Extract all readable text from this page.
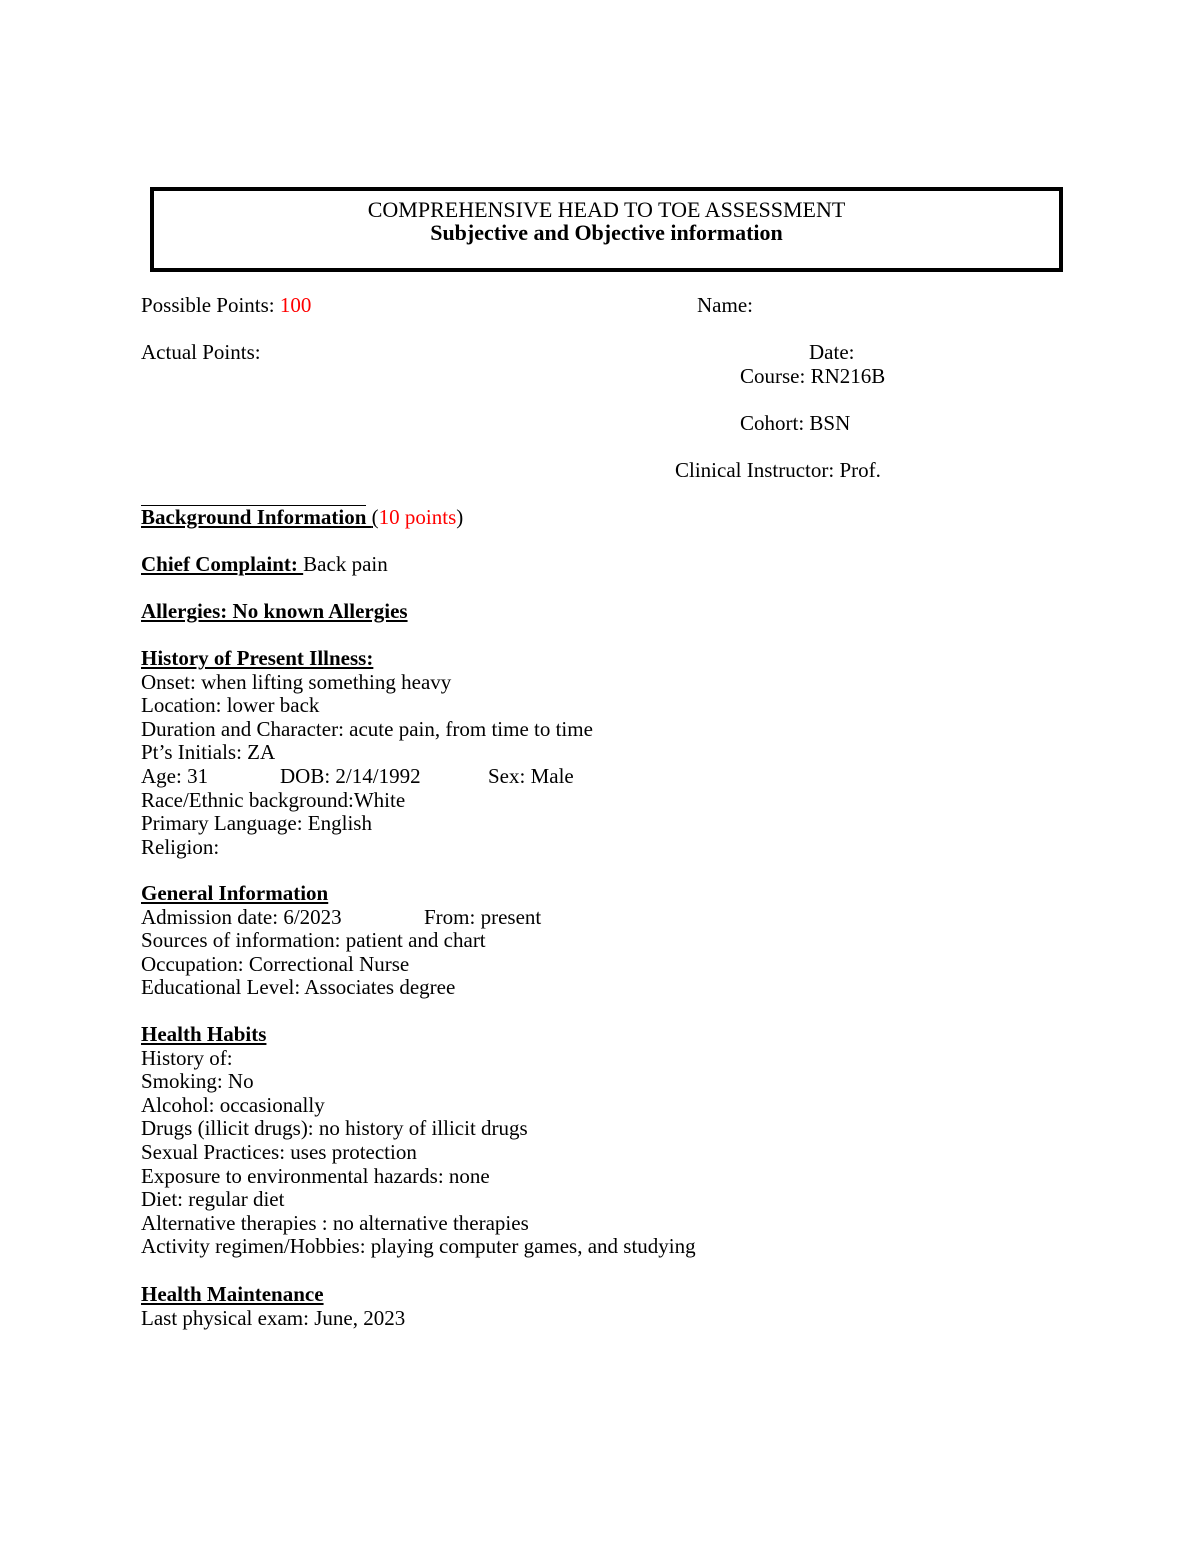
COMPREHENSIVE HEAD TO TOE ASSESSMENT
Subjective and Objective information
Possible Points: 100	Name:
Actual Points:	Date:
Course: RN216B
Cohort: BSN
Clinical Instructor: Prof.
Background Information (10 points)
Chief Complaint: Back pain
Allergies: No known Allergies
History of Present Illness:
Onset: when lifting something heavy
Location: lower back
Duration and Character: acute pain, from time to time
Pt’s Initials: ZA
Age: 31	DOB: 2/14/1992	Sex: Male
Race/Ethnic background:White
Primary Language: English
Religion:
General Information
Admission date: 6/2023	From: present
Sources of information: patient and chart
Occupation: Correctional Nurse
Educational Level: Associates degree
Health Habits
History of:
Smoking: No
Alcohol: occasionally
Drugs (illicit drugs): no history of illicit drugs
Sexual Practices: uses protection
Exposure to environmental hazards: none
Diet: regular diet
Alternative therapies : no alternative therapies
Activity regimen/Hobbies: playing computer games, and studying
Health Maintenance
Last physical exam: June, 2023
